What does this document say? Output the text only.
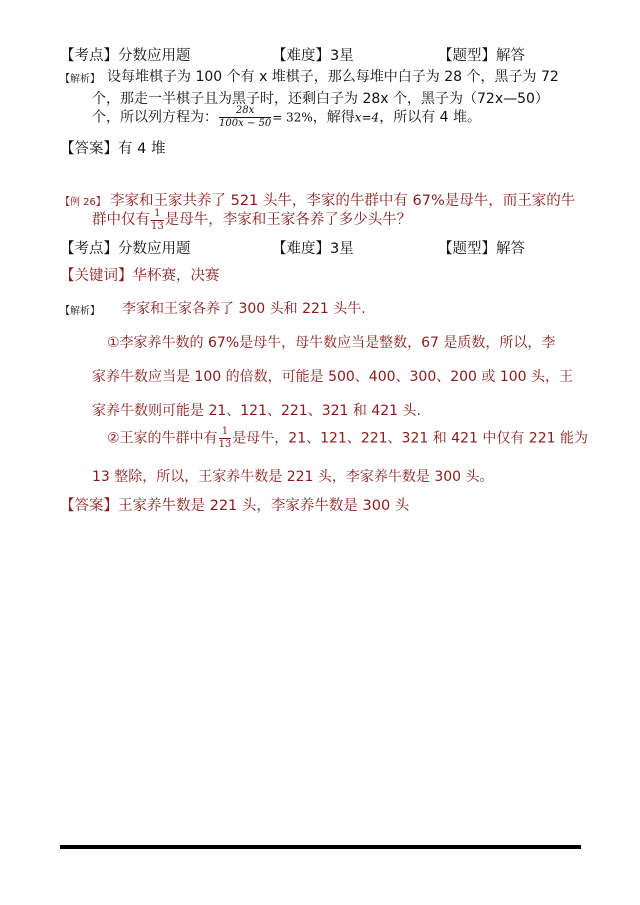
【考点】分数应用题	【难度】3星	【题型】解答
【解析】 设每堆棋子为 100 个有 x 堆棋子，那么每堆中白子为 28 个，黑子为 72
个，那走一半棋子且为黑子时，还剩白子为 28x 个，黑子为（72x—50）
个，所以列方程为： $\frac{28x}{100x - 50} = 32\%$，解得x=4，所以有 4 堆。
【答案】有 4 堆
【例 26】 李家和王家共养了 521 头牛，李家的牛群中有 67%是母牛，而王家的牛
群中仅有 $\frac{1}{13}$ 是母牛，李家和王家各养了多少头牛？
【考点】分数应用题	【难度】3星	【题型】解答
【关键词】华杯赛，决赛
【解析】 李家和王家各养了 300 头和 221 头牛.
①李家养牛数的 67%是母牛，母牛数应当是整数，67 是质数，所以，李
家养牛数应当是 100 的倍数，可能是 500、400、300、200 或 100 头，王
家养牛数则可能是 21、121、221、321 和 421 头.
②王家的牛群中有 $\frac{1}{13}$ 是母牛，21、121、221、321 和 421 中仅有 221 能为
13 整除，所以，王家养牛数是 221 头，李家养牛数是 300 头。
【答案】王家养牛数是 221 头，李家养牛数是 300 头
